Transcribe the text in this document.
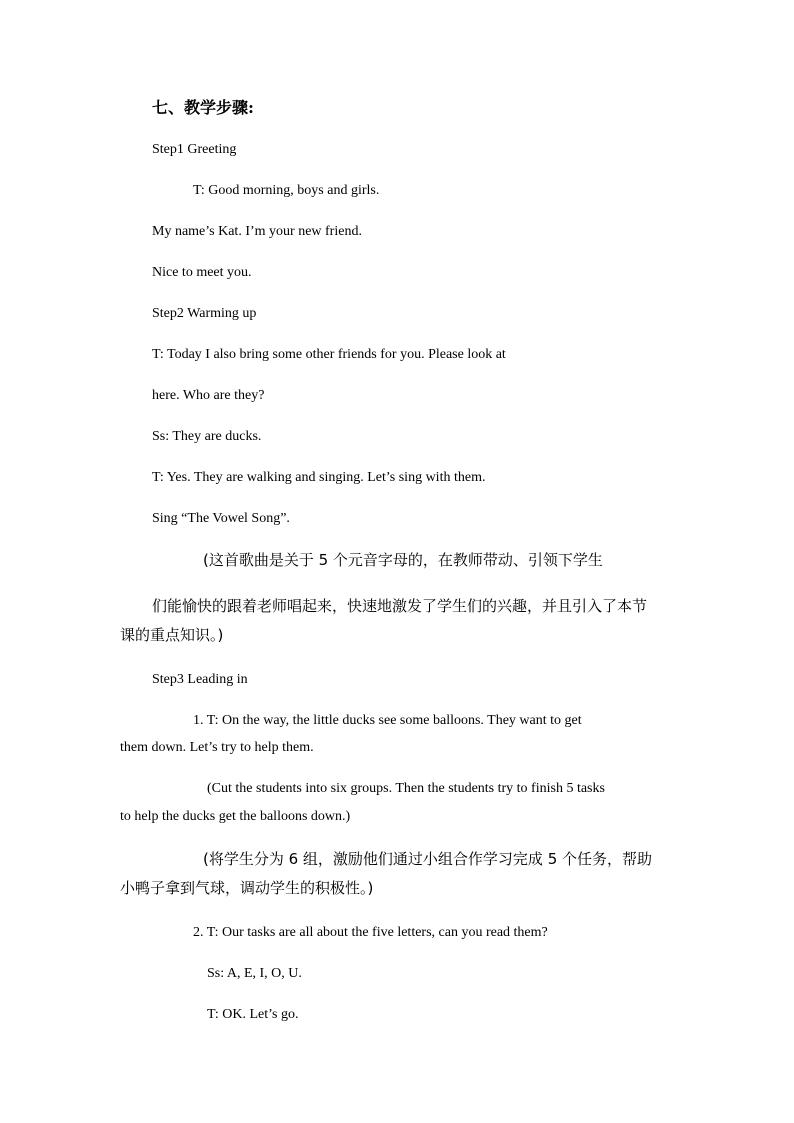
七、教学步骤:
Step1 Greeting
T: Good morning, boys and girls.
My name’s Kat. I’m your new friend.
Nice to meet you.
Step2 Warming up
T: Today I also bring some other friends for you. Please look at
here. Who are they?
Ss: They are ducks.
T: Yes. They are walking and singing. Let’s sing with them.
Sing “The Vowel Song”.
(这首歌曲是关于 5 个元音字母的，在教师带动、引领下学生
们能愉快的跟着老师唱起来，快速地激发了学生们的兴趣，并且引入了本节
课的重点知识。)
Step3 Leading in
1. T: On the way, the little ducks see some balloons. They want to get
them down. Let’s try to help them.
(Cut the students into six groups. Then the students try to finish 5 tasks
to help the ducks get the balloons down.)
(将学生分为 6 组，激励他们通过小组合作学习完成 5 个任务，帮助
小鸭子拿到气球，调动学生的积极性。)
2. T: Our tasks are all about the five letters, can you read them?
Ss: A, E, I, O, U.
T: OK. Let’s go.
